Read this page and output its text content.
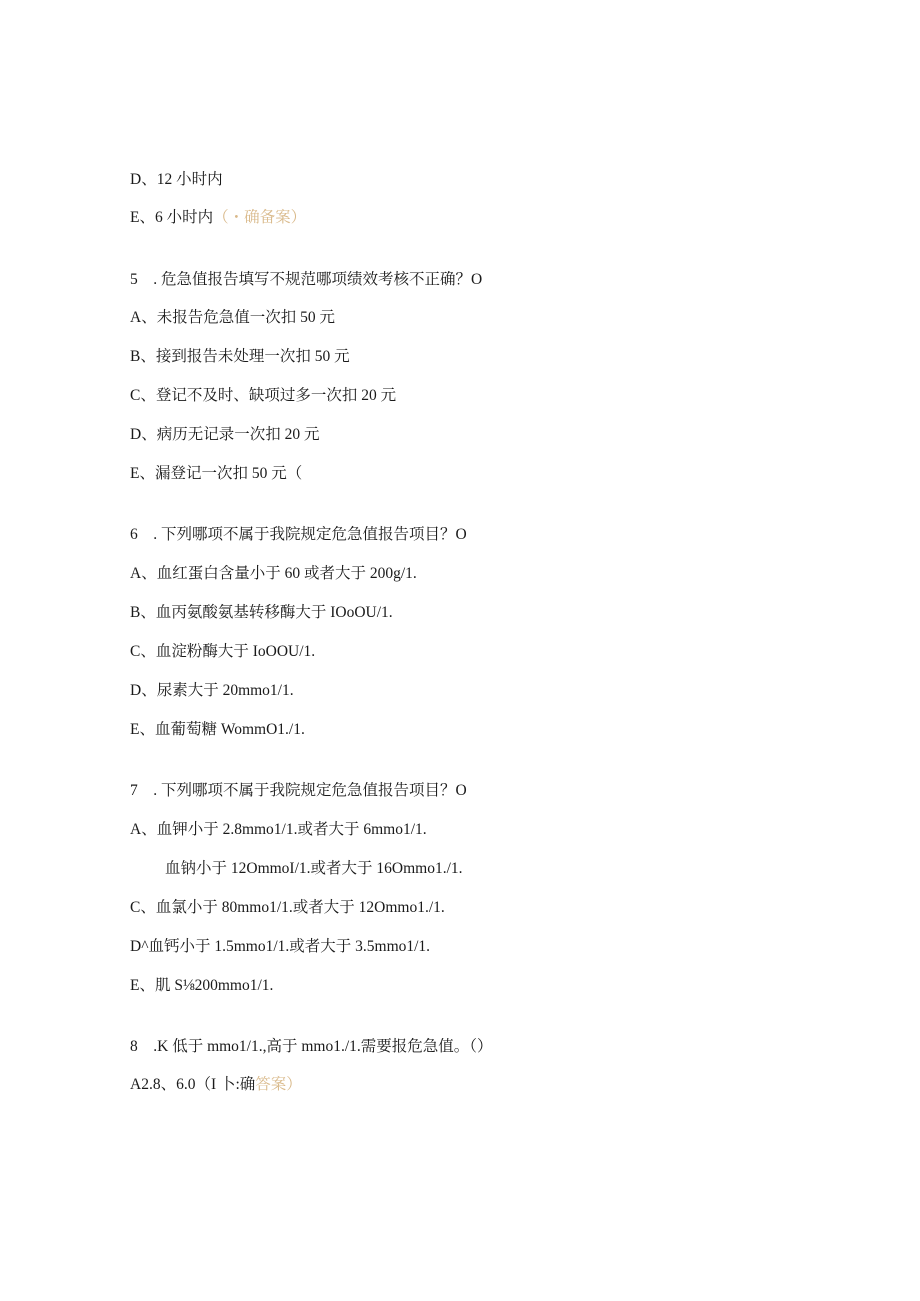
D、12 小时内
E、6 小时内（・确备案）
5　. 危急值报告填写不规范哪项绩效考核不正确？O
A、未报告危急值一次扣 50 元
B、接到报告未处理一次扣 50 元
C、登记不及时、缺项过多一次扣 20 元
D、病历无记录一次扣 20 元
E、漏登记一次扣 50 元（
6　. 下列哪项不属于我院规定危急值报告项目？O
A、血红蛋白含量小于 60 或者大于 200g/1.
B、血丙氨酸氨基转移酶大于 IOoOU/1.
C、血淀粉酶大于 IoOOU/1.
D、尿素大于 20mmo1/1.
E、血葡萄糖 WommO1./1.
7　. 下列哪项不属于我院规定危急值报告项目？O
A、血钾小于 2.8mmo1/1.或者大于 6mmo1/1.
血钠小于 12OmmoI/1.或者大于 16Ommo1./1.
C、血氯小于 80mmo1/1.或者大于 12Ommo1./1.
D^血钙小于 1.5mmo1/1.或者大于 3.5mmo1/1.
E、肌 S⅛200mmo1/1.
8　.K 低于 mmo1/1.,高于 mmo1./1.需要报危急值。（）
A2.8、6.0（I 卜:确答案）
